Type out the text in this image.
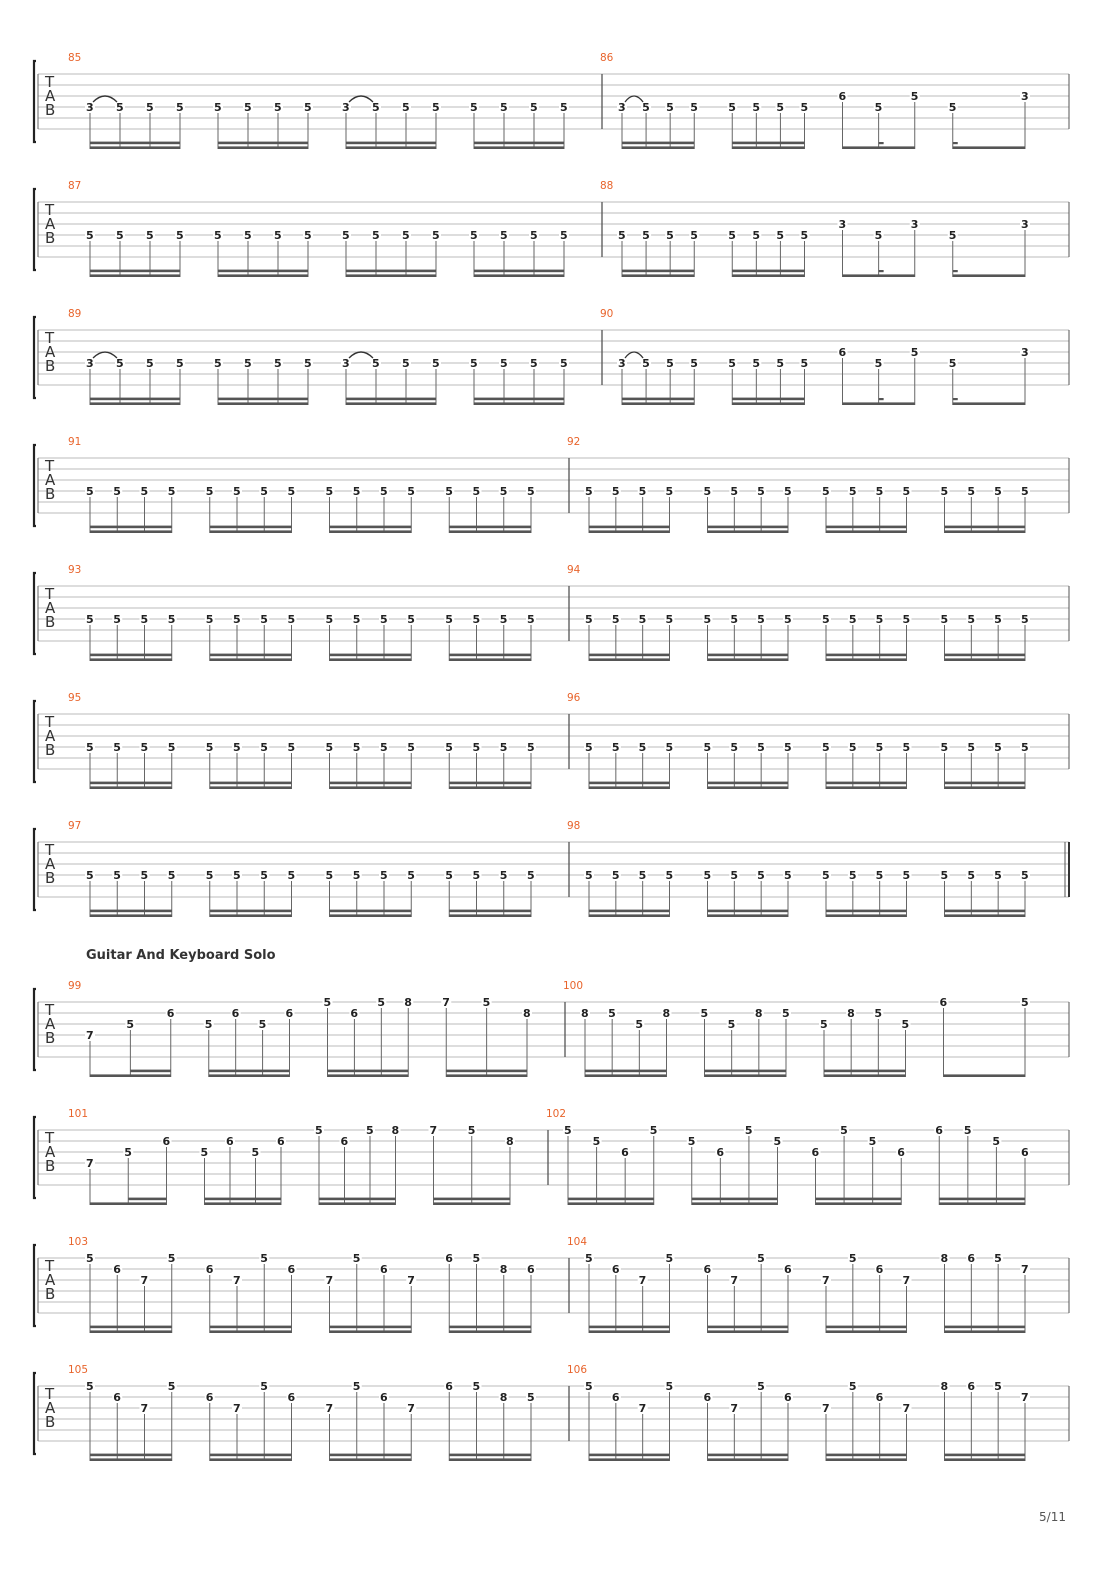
T
A
B
85
3 5 5 5	5 5 5 5	3 5 5 5	5 5 5 5
86
3 5 5 5	5 5 5 5
6
5
5
5
3
T
A
B
87
5 5 5 5	5 5 5 5	5 5 5 5	5 5 5 5
88
5 5 5 5	5 5 5 5
3
5
3
5
3
T
A
B
89
3 5 5 5	5 5 5 5	3 5 5 5	5 5 5 5
90
3 5 5 5	5 5 5 5
6
5
5
5
3
T
A
B
91
5 5 5 5	5 5 5 5	5 5 5 5	5 5 5 5
92
5 5 5 5	5 5 5 5	5 5 5 5	5 5 5 5
T
A
B
93
5 5 5 5	5 5 5 5	5 5 5 5	5 5 5 5
94
5 5 5 5	5 5 5 5	5 5 5 5	5 5 5 5
T
A
B
95
5 5 5 5	5 5 5 5	5 5 5 5	5 5 5 5
96
5 5 5 5	5 5 5 5	5 5 5 5	5 5 5 5
T
A
B
97
5 5 5 5	5 5 5 5	5 5 5 5	5 5 5 5
98
5 5 5 5	5 5 5 5	5 5 5 5	5 5 5 5
T
A
B
99
7
5
6
5
6
5
6
5
6
5 8	7	5
8
100
8 5
5
8	5
5
8 5
5
8 5
5
6	5
T
A
B
101
7
5
6
5
6
5
6
5
6
5 8	7	5
8
102
5
5
6
5
5
6
5
5
6
5
5
6
6 5
5
6
T
A
B
103
5
6
7
5
6
7
5
6
7
5
6
7
6 5
8 6
104
5
6
7
5
6
7
5
6
7
5
6
7
8 6 5
7
T
A
B
105
5
6
7
5
6
7
5
6
7
5
6
7
6 5
8 5
106
5
6
7
5
6
7
5
6
7
5
6
7
8 6 5
7
Guitar And Keyboard Solo
5/11
